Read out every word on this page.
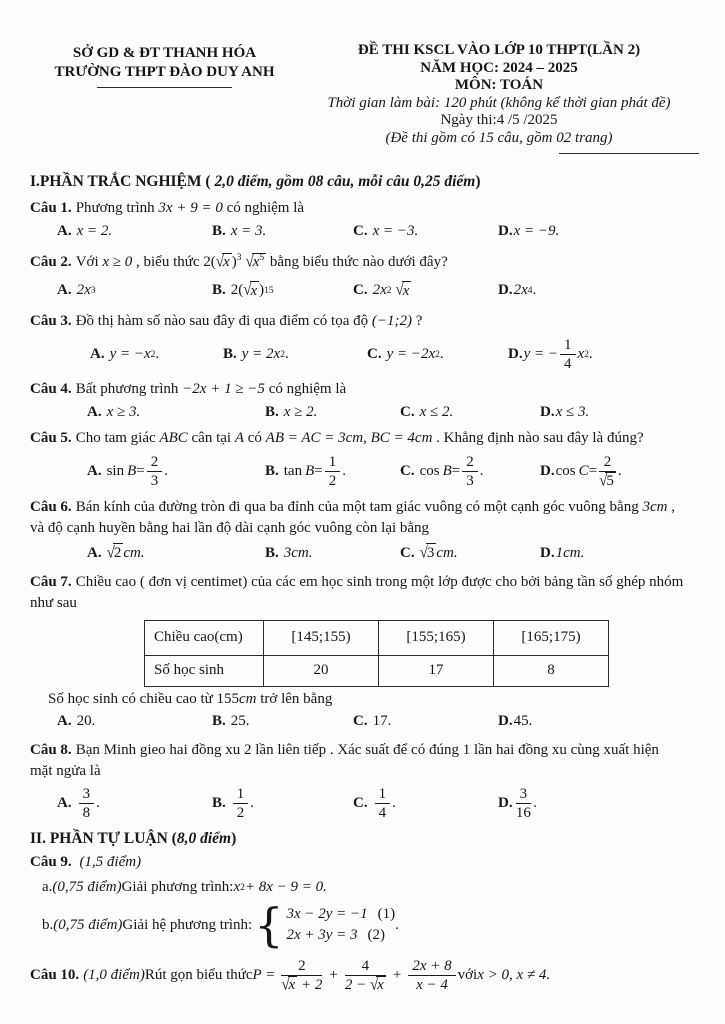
SỞ GD & ĐT THANH HÓA
TRƯỜNG THPT ĐÀO DUY ANH
ĐỀ THI KSCL VÀO LỚP 10 THPT(LẦN 2)
NĂM HỌC: 2024 – 2025
MÔN: TOÁN
Thời gian làm bài: 120 phút (không kể thời gian phát đề)
Ngày thi:4 /5 /2025
(Đề thi gồm có 15 câu, gồm 02 trang)
I.PHẦN TRẮC NGHIỆM ( 2,0 điểm, gồm 08 câu, mỗi câu 0,25 điểm)
Câu 1. Phương trình 3x + 9 = 0 có nghiệm là
A. x = 2.	B. x = 3.	C. x = −3.	D. x = −9.
Câu 2. Với x ≥ 0 , biểu thức 2(√x )$^3$ $√x^5$ bằng biểu thức nào dưới đây?
A. 2x 3	B. 2( √ x ) 15	C. 2x 2 √ x	D. 2x 4 .
Câu 3. Đồ thị hàm số nào sau đây đi qua điểm có tọa độ (−1;2) ?
A. y = −x 2 .	B. y = 2x 2 .	C. y = −2x 2 .	D. y = − $\frac{1}{4}$ x 2 .
Câu 4. Bất phương trình −2x + 1 ≥ −5 có nghiệm là
A. x ≥ 3.	B. x ≥ 2.	C. x ≤ 2.	D. x ≤ 3.
Câu 5. Cho tam giác ABC cân tại A có AB = AC = 3cm, BC = 4cm . Khẳng định nào sau đây là đúng?
A. $\sin B = \frac{2}{3}$ .	B. $\tan B = \frac{1}{2}$ .	C. $\cos B = \frac{2}{3}$ .	D. $\cos C = \frac{2}{√5}$ .
Câu 6. Bán kính của đường tròn đi qua ba đỉnh của một tam giác vuông có một cạnh góc vuông bằng 3cm ,
và độ cạnh huyền bằng hai lần độ dài cạnh góc vuông còn lại bằng
A. √ 2 cm.	B. 3cm.	C. √ 3 cm.	D. 1cm.
Câu 7. Chiều cao ( đơn vị centimet) của các em học sinh trong một lớp được cho bởi bảng tần số ghép nhóm
như sau
Chiều cao(cm)	[145;155)	[155;165)	[165;175)
Số học sinh	20	17	8
Số học sinh có chiều cao từ 155cm trở lên bằng
A. 20.	B. 25.	C. 17.	D. 45.
Câu 8. Bạn Minh gieo hai đồng xu 2 lần liên tiếp . Xác suất để có đúng 1 lần hai đồng xu cùng xuất hiện
mặt ngửa là
A. $\frac{3}{8}$ .	B. $\frac{1}{2}$ .	C. $\frac{1}{4}$ .	D. $\frac{3}{16}$ .
II. PHẦN TỰ LUẬN (8,0 điểm)
Câu 9. (1,5 điểm)
a. (0,75 điểm) Giải phương trình: x 2 + 8x − 9 = 0.
b. (0,75 điểm) Giải hệ phương trình: { 3x − 2y = −1 (1)
2x + 3y = 3 (2)
.
Câu 10. (1,0 điểm) Rút gọn biểu thức $P = \frac{2}{√x + 2} + \frac{4}{2 - √x} + \frac{2x + 8}{x - 4}$ với x > 0, x ≠ 4.
